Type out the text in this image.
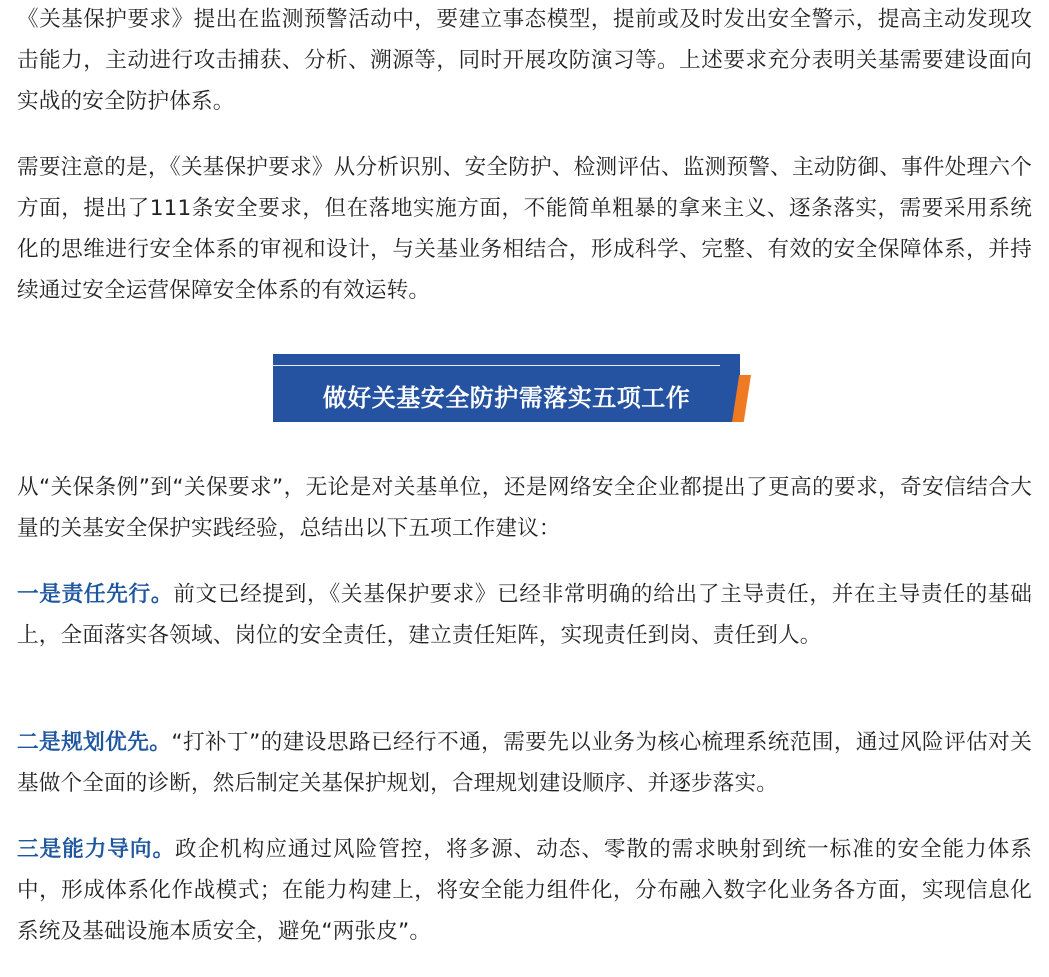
《关基保护要求》提出在监测预警活动中，要建立事态模型，提前或及时发出安全警示，提高主动发现攻击能力，主动进行攻击捕获、分析、溯源等，同时开展攻防演习等。上述要求充分表明关基需要建设面向实战的安全防护体系。

需要注意的是，《关基保护要求》从分析识别、安全防护、检测评估、监测预警、主动防御、事件处理六个方面，提出了111条安全要求，但在落地实施方面，不能简单粗暴的拿来主义、逐条落实，需要采用系统化的思维进行安全体系的审视和设计，与关基业务相结合，形成科学、完整、有效的安全保障体系，并持续通过安全运营保障安全体系的有效运转。

做好关基安全防护需落实五项工作

从“关保条例”到“关保要求”，无论是对关基单位，还是网络安全企业都提出了更高的要求，奇安信结合大量的关基安全保护实践经验，总结出以下五项工作建议：

一是责任先行。前文已经提到，《关基保护要求》已经非常明确的给出了主导责任，并在主导责任的基础上，全面落实各领域、岗位的安全责任，建立责任矩阵，实现责任到岗、责任到人。

二是规划优先。“打补丁”的建设思路已经行不通，需要先以业务为核心梳理系统范围，通过风险评估对关基做个全面的诊断，然后制定关基保护规划，合理规划建设顺序、并逐步落实。

三是能力导向。政企机构应通过风险管控，将多源、动态、零散的需求映射到统一标准的安全能力体系中，形成体系化作战模式；在能力构建上，将安全能力组件化，分布融入数字化业务各方面，实现信息化系统及基础设施本质安全，避免“两张皮”。
